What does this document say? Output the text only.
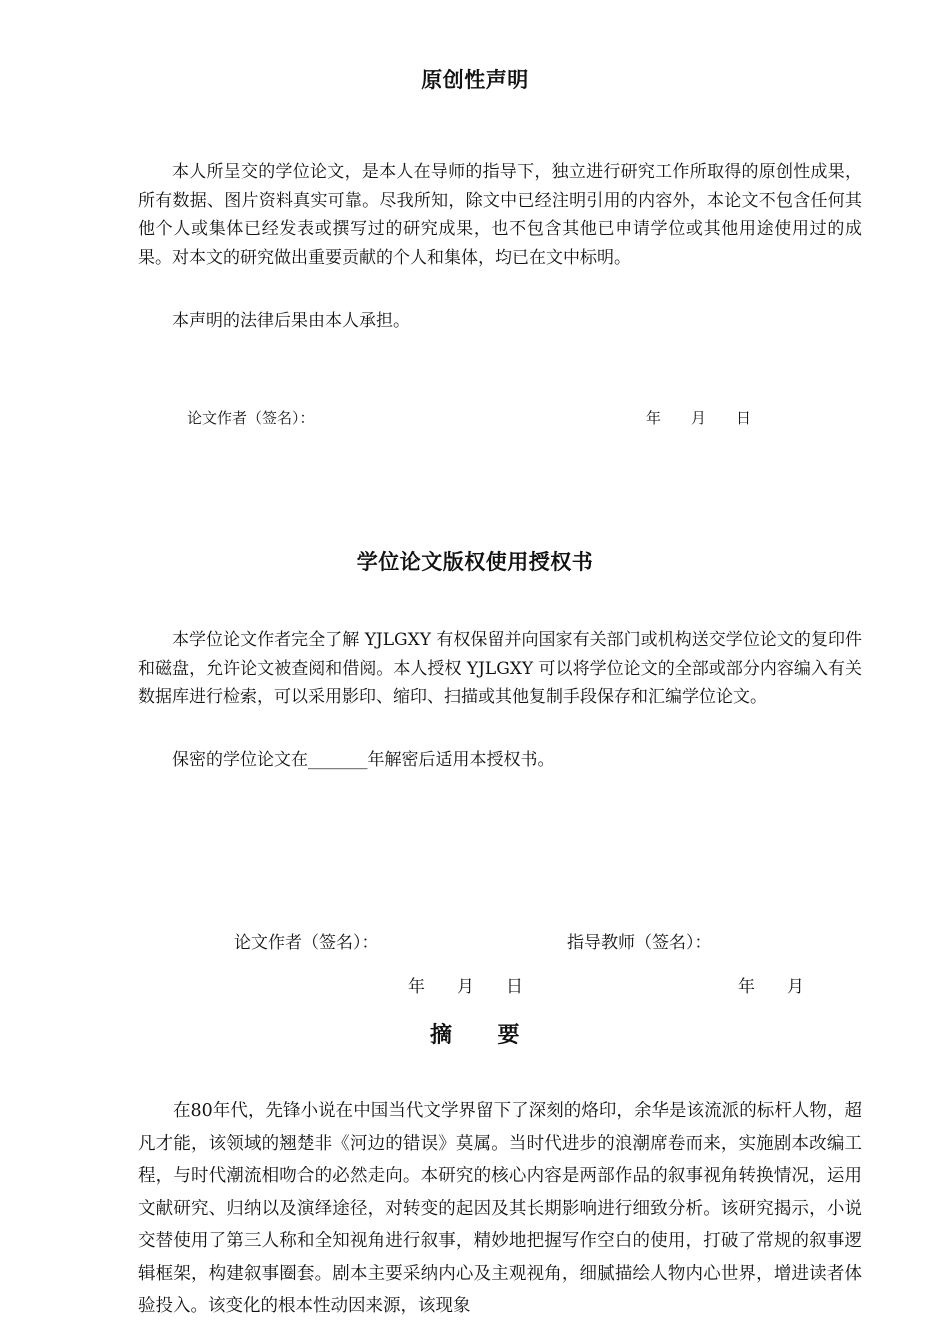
原创性声明

本人所呈交的学位论文，是本人在导师的指导下，独立进行研究工作所取得的原创性成果，所有数据、图片资料真实可靠。尽我所知，除文中已经注明引用的内容外，本论文不包含任何其他个人或集体已经发表或撰写过的研究成果，也不包含其他已申请学位或其他用途使用过的成果。对本文的研究做出重要贡献的个人和集体，均已在文中标明。

本声明的法律后果由本人承担。

论文作者（签名）：	年 月 日
学位论文版权使用授权书

本学位论文作者完全了解 YJLGXY 有权保留并向国家有关部门或机构送交学位论文的复印件和磁盘，允许论文被查阅和借阅。本人授权 YJLGXY 可以将学位论文的全部或部分内容编入有关数据库进行检索，可以采用影印、缩印、扫描或其他复制手段保存和汇编学位论文。

保密的学位论文在_______年解密后适用本授权书。

论文作者（签名）：	指导教师（签名）：
年 月 日	年 月
摘　　要

在80年代，先锋小说在中国当代文学界留下了深刻的烙印，余华是该流派的标杆人物，超凡才能，该领域的翘楚非《河边的错误》莫属。当时代进步的浪潮席卷而来，实施剧本改编工程，与时代潮流相吻合的必然走向。本研究的核心内容是两部作品的叙事视角转换情况，运用文献研究、归纳以及演绎途径，对转变的起因及其长期影响进行细致分析。该研究揭示，小说交替使用了第三人称和全知视角进行叙事，精妙地把握写作空白的使用，打破了常规的叙事逻辑框架，构建叙事圈套。剧本主要采纳内心及主观视角，细腻描绘人物内心世界，增进读者体验投入。该变化的根本性动因来源，该现象
